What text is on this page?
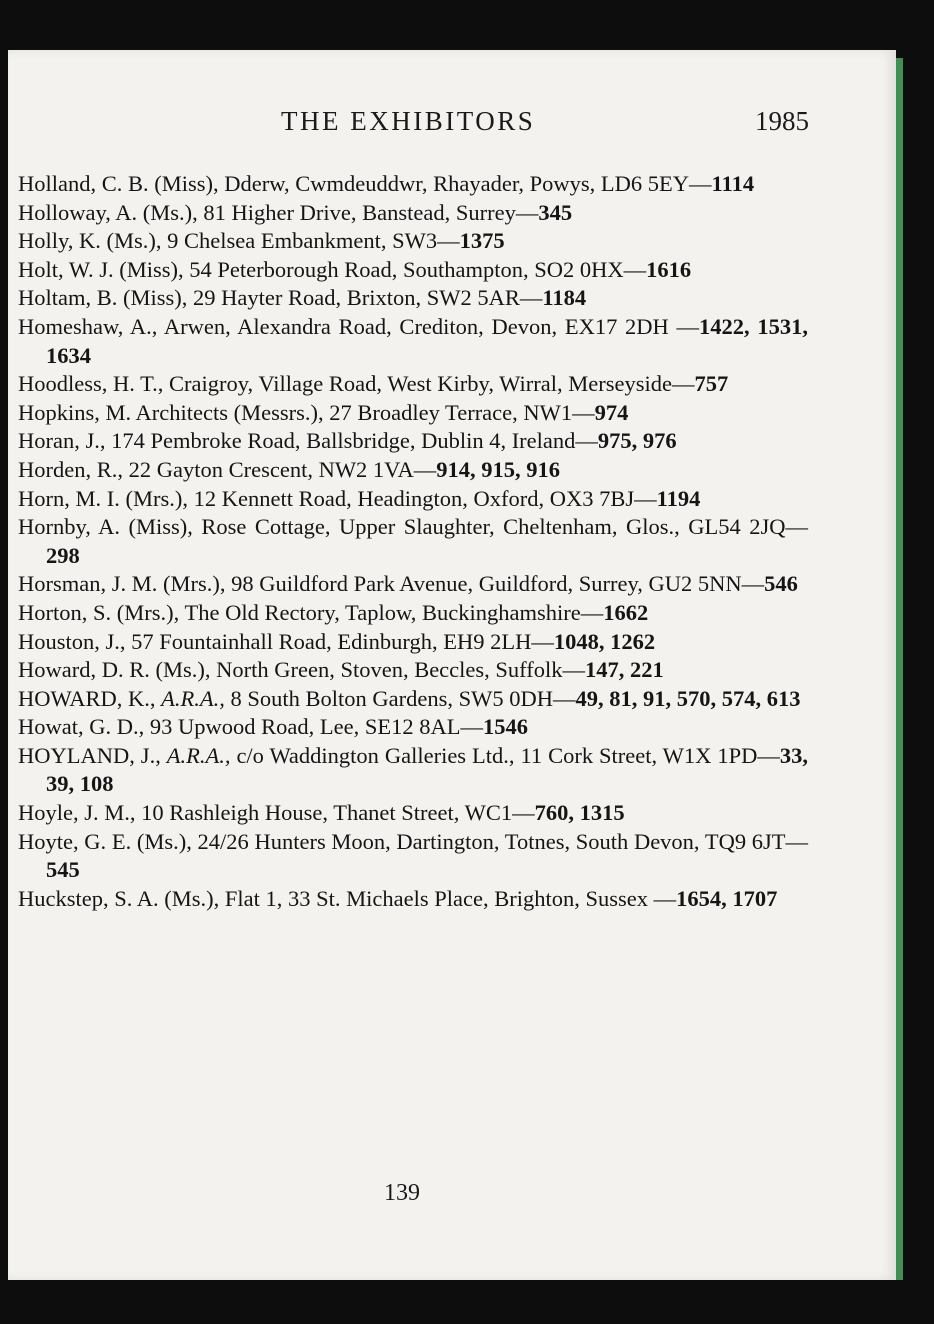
THE EXHIBITORS	1985
Holland, C. B. (Miss), Dderw, Cwmdeuddwr, Rhayader, Powys, LD6 5EY—1114
Holloway, A. (Ms.), 81 Higher Drive, Banstead, Surrey—345
Holly, K. (Ms.), 9 Chelsea Embankment, SW3—1375
Holt, W. J. (Miss), 54 Peterborough Road, Southampton, SO2 0HX—1616
Holtam, B. (Miss), 29 Hayter Road, Brixton, SW2 5AR—1184
Homeshaw, A., Arwen, Alexandra Road, Crediton, Devon, EX17 2DH —1422, 1531, 1634
Hoodless, H. T., Craigroy, Village Road, West Kirby, Wirral, Merseyside—757
Hopkins, M. Architects (Messrs.), 27 Broadley Terrace, NW1—974
Horan, J., 174 Pembroke Road, Ballsbridge, Dublin 4, Ireland—975, 976
Horden, R., 22 Gayton Crescent, NW2 1VA—914, 915, 916
Horn, M. I. (Mrs.), 12 Kennett Road, Headington, Oxford, OX3 7BJ—1194
Hornby, A. (Miss), Rose Cottage, Upper Slaughter, Cheltenham, Glos., GL54 2JQ—298
Horsman, J. M. (Mrs.), 98 Guildford Park Avenue, Guildford, Surrey, GU2 5NN—546
Horton, S. (Mrs.), The Old Rectory, Taplow, Buckinghamshire—1662
Houston, J., 57 Fountainhall Road, Edinburgh, EH9 2LH—1048, 1262
Howard, D. R. (Ms.), North Green, Stoven, Beccles, Suffolk—147, 221
HOWARD, K., A.R.A., 8 South Bolton Gardens, SW5 0DH—49, 81, 91, 570, 574, 613
Howat, G. D., 93 Upwood Road, Lee, SE12 8AL—1546
HOYLAND, J., A.R.A., c/o Waddington Galleries Ltd., 11 Cork Street, W1X 1PD—33, 39, 108
Hoyle, J. M., 10 Rashleigh House, Thanet Street, WC1—760, 1315
Hoyte, G. E. (Ms.), 24/26 Hunters Moon, Dartington, Totnes, South Devon, TQ9 6JT—545
Huckstep, S. A. (Ms.), Flat 1, 33 St. Michaels Place, Brighton, Sussex —1654, 1707
139
